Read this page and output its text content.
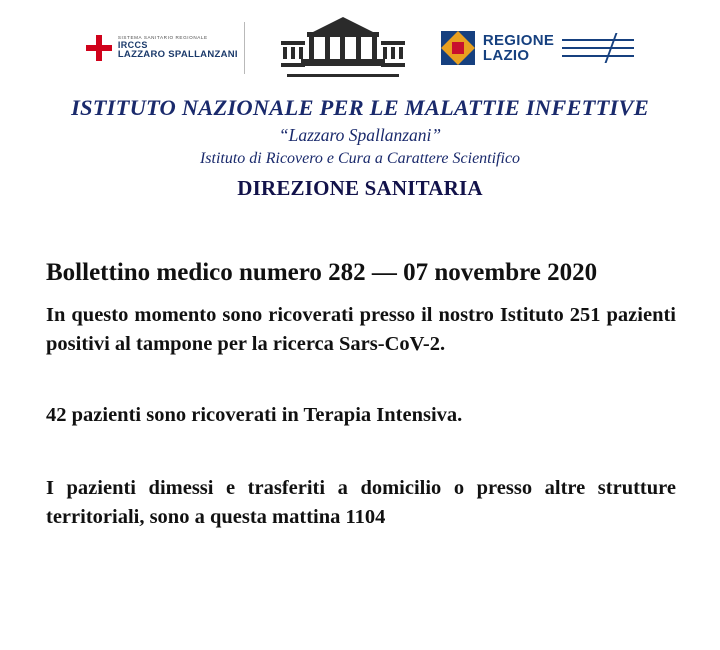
SISTEMA SANITARIO REGIONALE
IRCCS
LAZZARO SPALLANZANI
REGIONE
LAZIO
ISTITUTO NAZIONALE PER LE MALATTIE INFETTIVE
“Lazzaro Spallanzani”
Istituto di Ricovero e Cura a Carattere Scientifico
DIREZIONE SANITARIA
Bollettino medico numero 282 — 07 novembre 2020
In questo momento sono ricoverati presso il nostro Istituto 251 pazienti positivi al tampone per la ricerca Sars-CoV-2.
42 pazienti sono ricoverati in Terapia Intensiva.
I pazienti dimessi e trasferiti a domicilio o presso altre strutture territoriali, sono a questa mattina 1104
